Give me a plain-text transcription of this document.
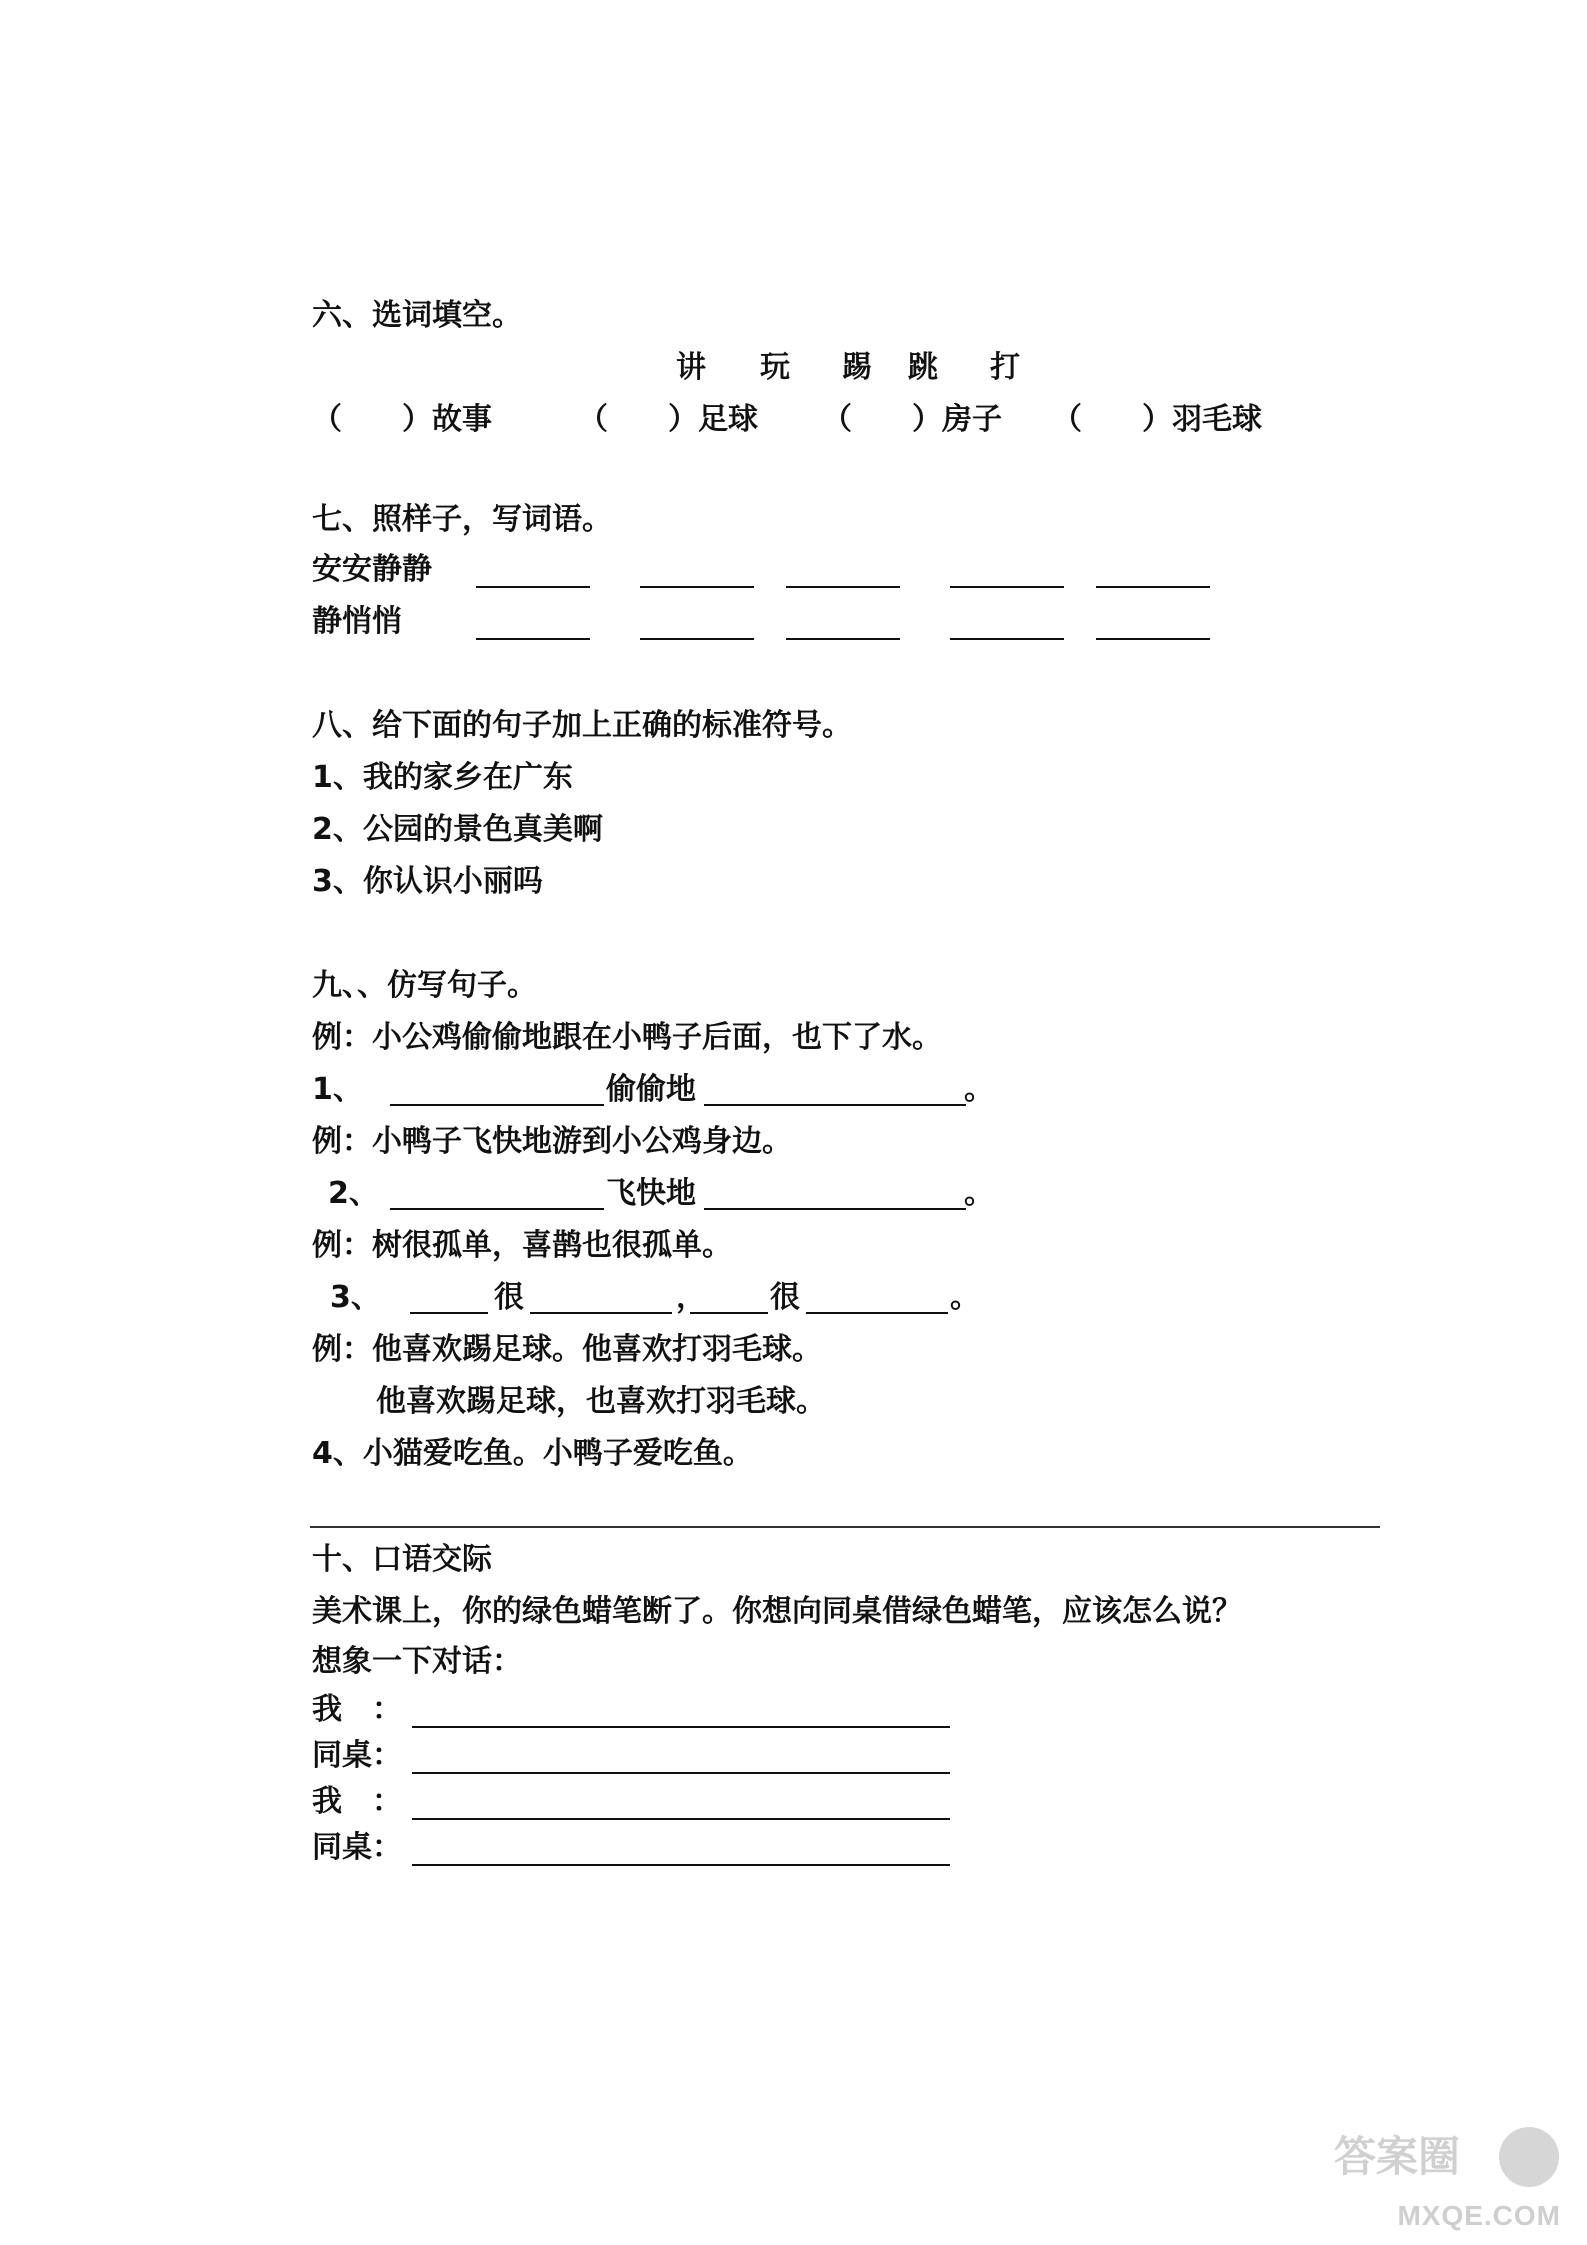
六、选词填空。
讲 玩 踢 跳 打
（　　）故事	（　　）足球 （　　）房子 （　　）羽毛球
七、照样子，写词语。
安安静静
静悄悄
八、给下面的句子加上正确的标准符号。
1、我的家乡在广东
2、公园的景色真美啊
3、你认识小丽吗
九、、仿写句子。
例：小公鸡偷偷地跟在小鸭子后面，也下了水。
1、	偷偷地	。
例：小鸭子飞快地游到小公鸡身边。
2、	飞快地	。
例：树很孤单，喜鹊也很孤单。
3、	很	， 很	。
例：他喜欢踢足球。他喜欢打羽毛球。
他喜欢踢足球，也喜欢打羽毛球。
4、小猫爱吃鱼。小鸭子爱吃鱼。
十、口语交际
美术课上，你的绿色蜡笔断了。你想向同桌借绿色蜡笔，应该怎么说？
想象一下对话：
我　：
同桌：
我　：
同桌：
答案圈
MXQE.COM
